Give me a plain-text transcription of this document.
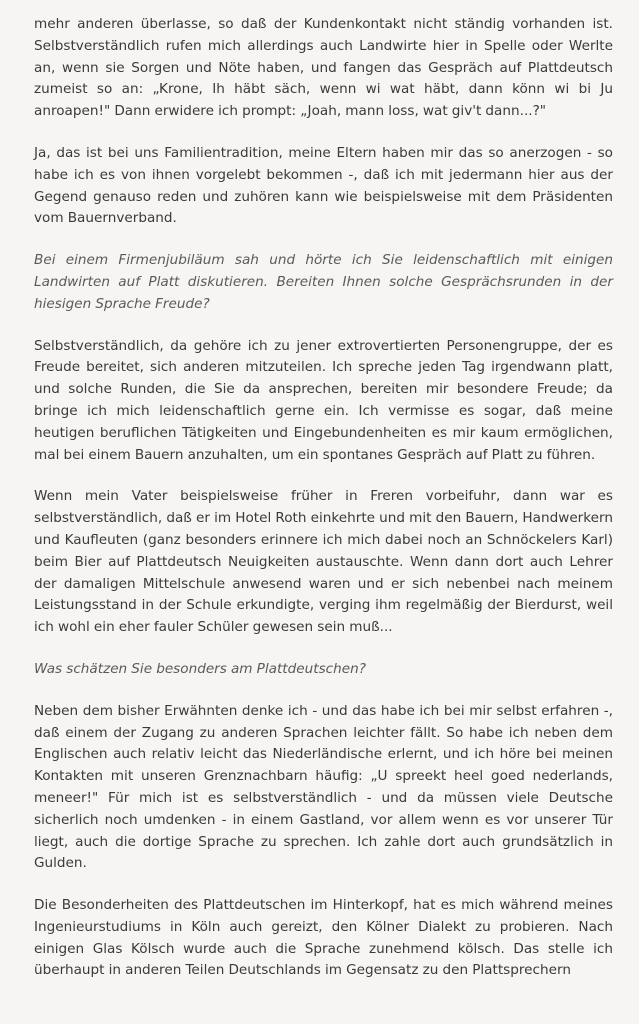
mehr anderen überlasse, so daß der Kundenkontakt nicht ständig vorhanden ist. Selbstverständlich rufen mich allerdings auch Landwirte hier in Spelle oder Werlte an, wenn sie Sorgen und Nöte haben, und fangen das Gespräch auf Plattdeutsch zumeist so an: „Krone, Ih häbt säch, wenn wi wat häbt, dann könn wi bi Ju anroapen!" Dann erwidere ich prompt: „Joah, mann loss, wat giv't dann...?"

Ja, das ist bei uns Familientradition, meine Eltern haben mir das so anerzogen - so habe ich es von ihnen vorgelebt bekommen -, daß ich mit jedermann hier aus der Gegend genauso reden und zuhören kann wie beispielsweise mit dem Präsidenten vom Bauernverband.

Bei einem Firmenjubiläum sah und hörte ich Sie leidenschaftlich mit einigen Landwirten auf Platt diskutieren. Bereiten Ihnen solche Gesprächsrunden in der hiesigen Sprache Freude?

Selbstverständlich, da gehöre ich zu jener extrovertierten Personengruppe, der es Freude bereitet, sich anderen mitzuteilen. Ich spreche jeden Tag irgendwann platt, und solche Runden, die Sie da ansprechen, bereiten mir besondere Freude; da bringe ich mich leidenschaftlich gerne ein. Ich vermisse es sogar, daß meine heutigen beruflichen Tätigkeiten und Eingebundenheiten es mir kaum ermöglichen, mal bei einem Bauern anzuhalten, um ein spontanes Gespräch auf Platt zu führen.

Wenn mein Vater beispielsweise früher in Freren vorbeifuhr, dann war es selbstverständlich, daß er im Hotel Roth einkehrte und mit den Bauern, Handwerkern und Kaufleuten (ganz besonders erinnere ich mich dabei noch an Schnöckelers Karl) beim Bier auf Plattdeutsch Neuigkeiten austauschte. Wenn dann dort auch Lehrer der damaligen Mittelschule anwesend waren und er sich nebenbei nach meinem Leistungsstand in der Schule erkundigte, verging ihm regelmäßig der Bierdurst, weil ich wohl ein eher fauler Schüler gewesen sein muß...

Was schätzen Sie besonders am Plattdeutschen?

Neben dem bisher Erwähnten denke ich - und das habe ich bei mir selbst erfahren -, daß einem der Zugang zu anderen Sprachen leichter fällt. So habe ich neben dem Englischen auch relativ leicht das Niederländische erlernt, und ich höre bei meinen Kontakten mit unseren Grenznachbarn häufig: „U spreekt heel goed nederlands, meneer!" Für mich ist es selbstverständlich - und da müssen viele Deutsche sicherlich noch umdenken - in einem Gastland, vor allem wenn es vor unserer Tür liegt, auch die dortige Sprache zu sprechen. Ich zahle dort auch grundsätzlich in Gulden.

Die Besonderheiten des Plattdeutschen im Hinterkopf, hat es mich während meines Ingenieurstudiums in Köln auch gereizt, den Kölner Dialekt zu probieren. Nach einigen Glas Kölsch wurde auch die Sprache zunehmend kölsch. Das stelle ich überhaupt in anderen Teilen Deutschlands im Gegensatz zu den Plattsprechern
